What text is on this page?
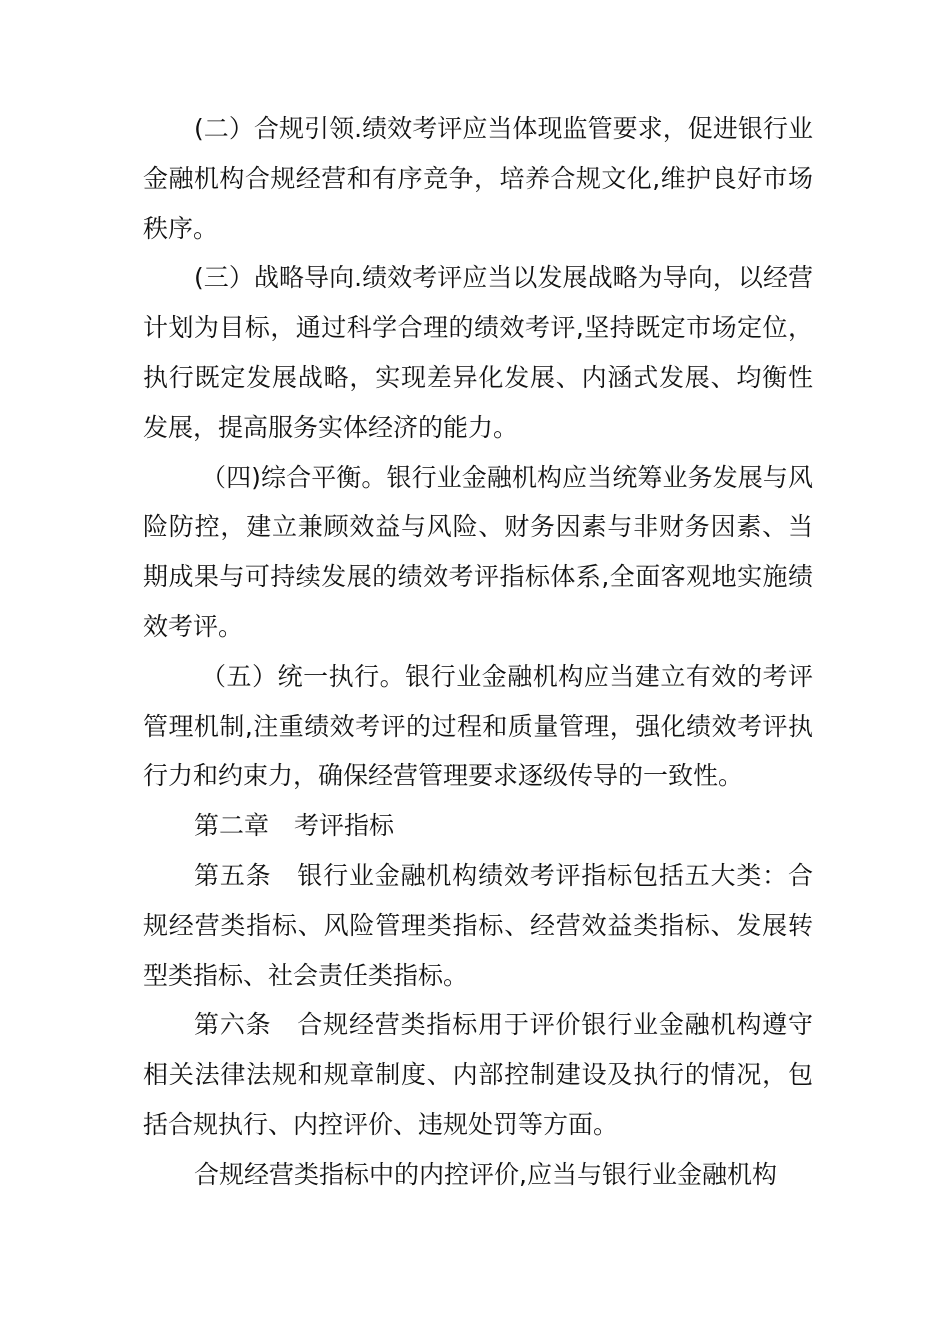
(二）合规引领.绩效考评应当体现监管要求，促进银行业金融机构合规经营和有序竞争，培养合规文化,维护良好市场秩序。

(三）战略导向.绩效考评应当以发展战略为导向，以经营计划为目标，通过科学合理的绩效考评,坚持既定市场定位，执行既定发展战略，实现差异化发展、内涵式发展、均衡性发展，提高服务实体经济的能力。

（四)综合平衡。银行业金融机构应当统筹业务发展与风险防控，建立兼顾效益与风险、财务因素与非财务因素、当期成果与可持续发展的绩效考评指标体系,全面客观地实施绩效考评。

（五）统一执行。银行业金融机构应当建立有效的考评管理机制,注重绩效考评的过程和质量管理，强化绩效考评执行力和约束力，确保经营管理要求逐级传导的一致性。

第二章　考评指标

第五条　银行业金融机构绩效考评指标包括五大类：合规经营类指标、风险管理类指标、经营效益类指标、发展转型类指标、社会责任类指标。

第六条　合规经营类指标用于评价银行业金融机构遵守相关法律法规和规章制度、内部控制建设及执行的情况，包括合规执行、内控评价、违规处罚等方面。

合规经营类指标中的内控评价,应当与银行业金融机构
